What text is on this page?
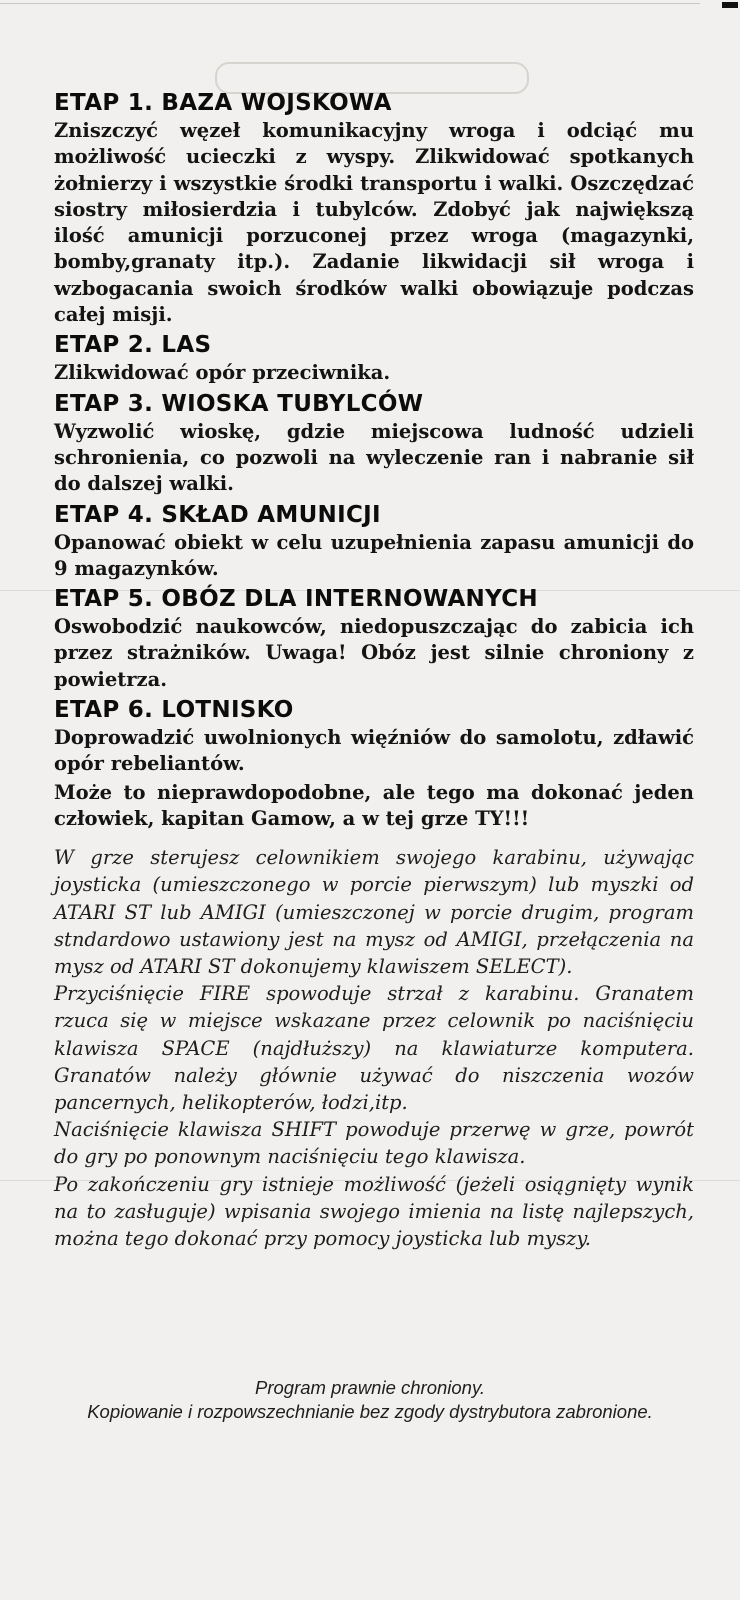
ETAP 1. BAZA WOJSKOWA

Zniszczyć węzeł komunikacyjny wroga i odciąć mu możliwość ucieczki z wyspy. Zlikwidować spotkanych żołnierzy i wszystkie środki transportu i walki. Oszczędzać siostry miłosierdzia i tubylców. Zdobyć jak największą ilość amunicji porzuconej przez wroga (magazynki, bomby,granaty itp.). Zadanie likwidacji sił wroga i wzbogacania swoich środków walki obowiązuje podczas całej misji.

ETAP 2. LAS

Zlikwidować opór przeciwnika.

ETAP 3. WIOSKA TUBYLCÓW

Wyzwolić wioskę, gdzie miejscowa ludność udzieli schronienia, co pozwoli na wyleczenie ran i nabranie sił do dalszej walki.

ETAP 4. SKŁAD AMUNICJI

Opanować obiekt w celu uzupełnienia zapasu amunicji do 9 magazynków.

ETAP 5. OBÓZ DLA INTERNOWANYCH

Oswobodzić naukowców, niedopuszczając do zabicia ich przez strażników. Uwaga! Obóz jest silnie chroniony z powietrza.

ETAP 6. LOTNISKO

Doprowadzić uwolnionych więźniów do samolotu, zdławić opór rebeliantów.

Może to nieprawdopodobne, ale tego ma dokonać jeden człowiek, kapitan Gamow, a w tej grze TY!!!

W grze sterujesz celownikiem swojego karabinu, używając joysticka (umieszczonego w porcie pierwszym) lub myszki od ATARI ST lub AMIGI (umieszczonej w porcie drugim, program stndardowo ustawiony jest na mysz od AMIGI, przełączenia na mysz od ATARI ST dokonujemy klawiszem SELECT).

Przyciśnięcie FIRE spowoduje strzał z karabinu. Granatem rzuca się w miejsce wskazane przez celownik po naciśnięciu klawisza SPACE (najdłuższy) na klawiaturze komputera. Granatów należy głównie używać do niszczenia wozów pancernych, helikopterów, łodzi,itp.

Naciśnięcie klawisza SHIFT powoduje przerwę w grze, powrót do gry po ponownym naciśnięciu tego klawisza.

Po zakończeniu gry istnieje możliwość (jeżeli osiągnięty wynik na to zasługuje) wpisania swojego imienia na listę najlepszych, można tego dokonać przy pomocy joysticka lub myszy.

Program prawnie chroniony.

Kopiowanie i rozpowszechnianie bez zgody dystrybutora zabronione.
